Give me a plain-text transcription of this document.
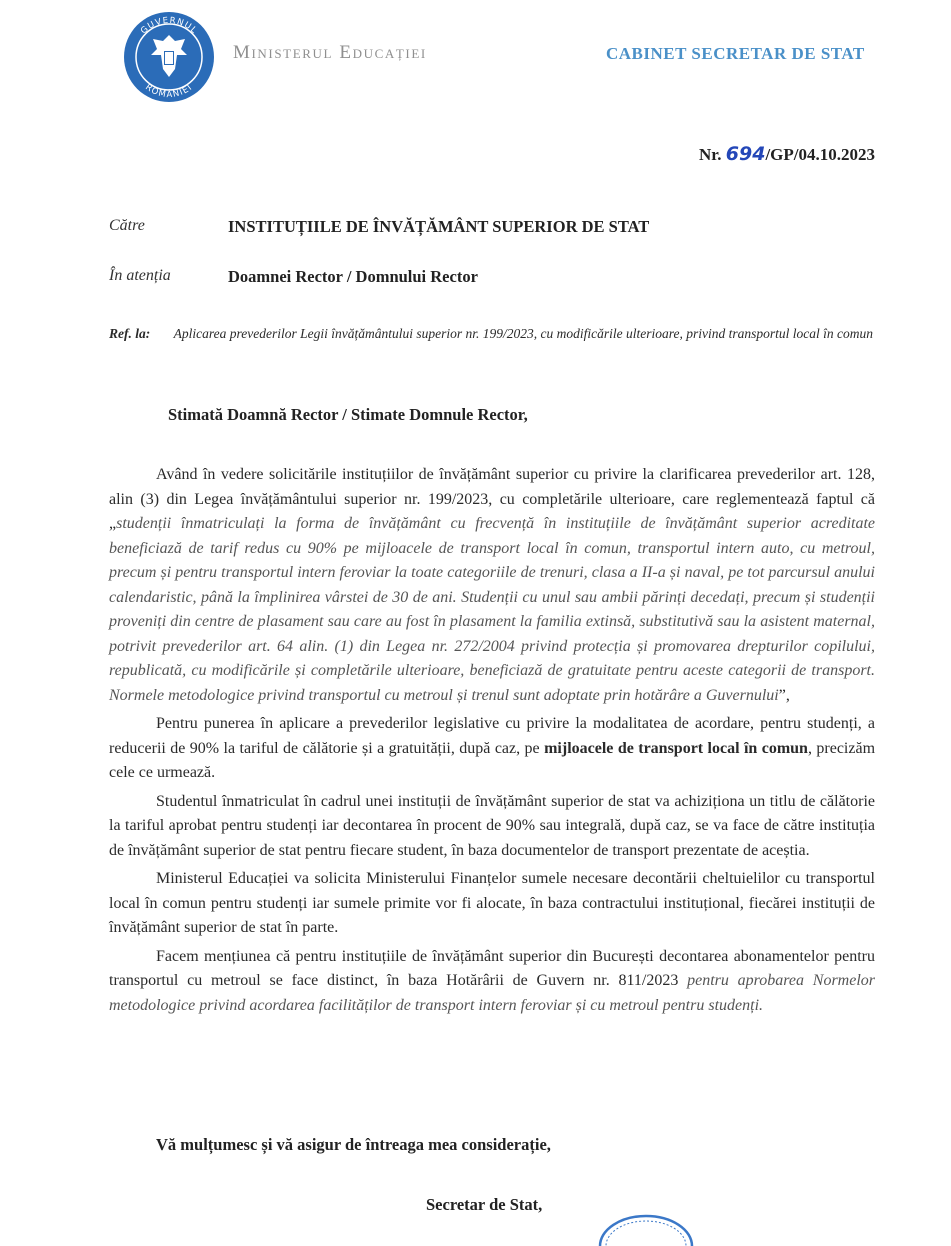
GUVERNUL
ROMÂNIEI
Ministerul Educației	CABINET SECRETAR DE STAT
Nr. 694/GP/04.10.2023
Către	INSTITUȚIILE DE ÎNVĂȚĂMÂNT SUPERIOR DE STAT
În atenția	Doamnei Rector / Domnului Rector
Ref. la: Aplicarea prevederilor Legii învățământului superior nr. 199/2023, cu modificările ulterioare, privind transportul local în comun
Stimată Doamnă Rector / Stimate Domnule Rector,

Având în vedere solicitările instituțiilor de învățământ superior cu privire la clarificarea prevederilor art. 128, alin (3) din Legea învățământului superior nr. 199/2023, cu completările ulterioare, care reglementează faptul că „studenții înmatriculați la forma de învățământ cu frecvență în instituțiile de învățământ superior acreditate beneficiază de tarif redus cu 90% pe mijloacele de transport local în comun, transportul intern auto, cu metroul, precum și pentru transportul intern feroviar la toate categoriile de trenuri, clasa a II-a și naval, pe tot parcursul anului calendaristic, până la împlinirea vârstei de 30 de ani. Studenții cu unul sau ambii părinți decedați, precum și studenții proveniți din centre de plasament sau care au fost în plasament la familia extinsă, substitutivă sau la asistent maternal, potrivit prevederilor art. 64 alin. (1) din Legea nr. 272/2004 privind protecția și promovarea drepturilor copilului, republicată, cu modificările și completările ulterioare, beneficiază de gratuitate pentru aceste categorii de transport. Normele metodologice privind transportul cu metroul și trenul sunt adoptate prin hotărâre a Guvernului”,

Pentru punerea în aplicare a prevederilor legislative cu privire la modalitatea de acordare, pentru studenți, a reducerii de 90% la tariful de călătorie și a gratuității, după caz, pe mijloacele de transport local în comun, precizăm cele ce urmează.

Studentul înmatriculat în cadrul unei instituții de învățământ superior de stat va achiziționa un titlu de călătorie la tariful aprobat pentru studenți iar decontarea în procent de 90% sau integrală, după caz, se va face de către instituția de învățământ superior de stat pentru fiecare student, în baza documentelor de transport prezentate de aceștia.

Ministerul Educației va solicita Ministerului Finanțelor sumele necesare decontării cheltuielilor cu transportul local în comun pentru studenți iar sumele primite vor fi alocate, în baza contractului instituțional, fiecărei instituții de învățământ superior de stat în parte.

Facem mențiunea că pentru instituțiile de învățământ superior din București decontarea abonamentelor pentru transportul cu metroul se face distinct, în baza Hotărârii de Guvern nr. 811/2023 pentru aprobarea Normelor metodologice privind acordarea facilităților de transport intern feroviar și cu metroul pentru studenți.

Vă mulțumesc și vă asigur de întreaga mea considerație,
Secretar de Stat,
